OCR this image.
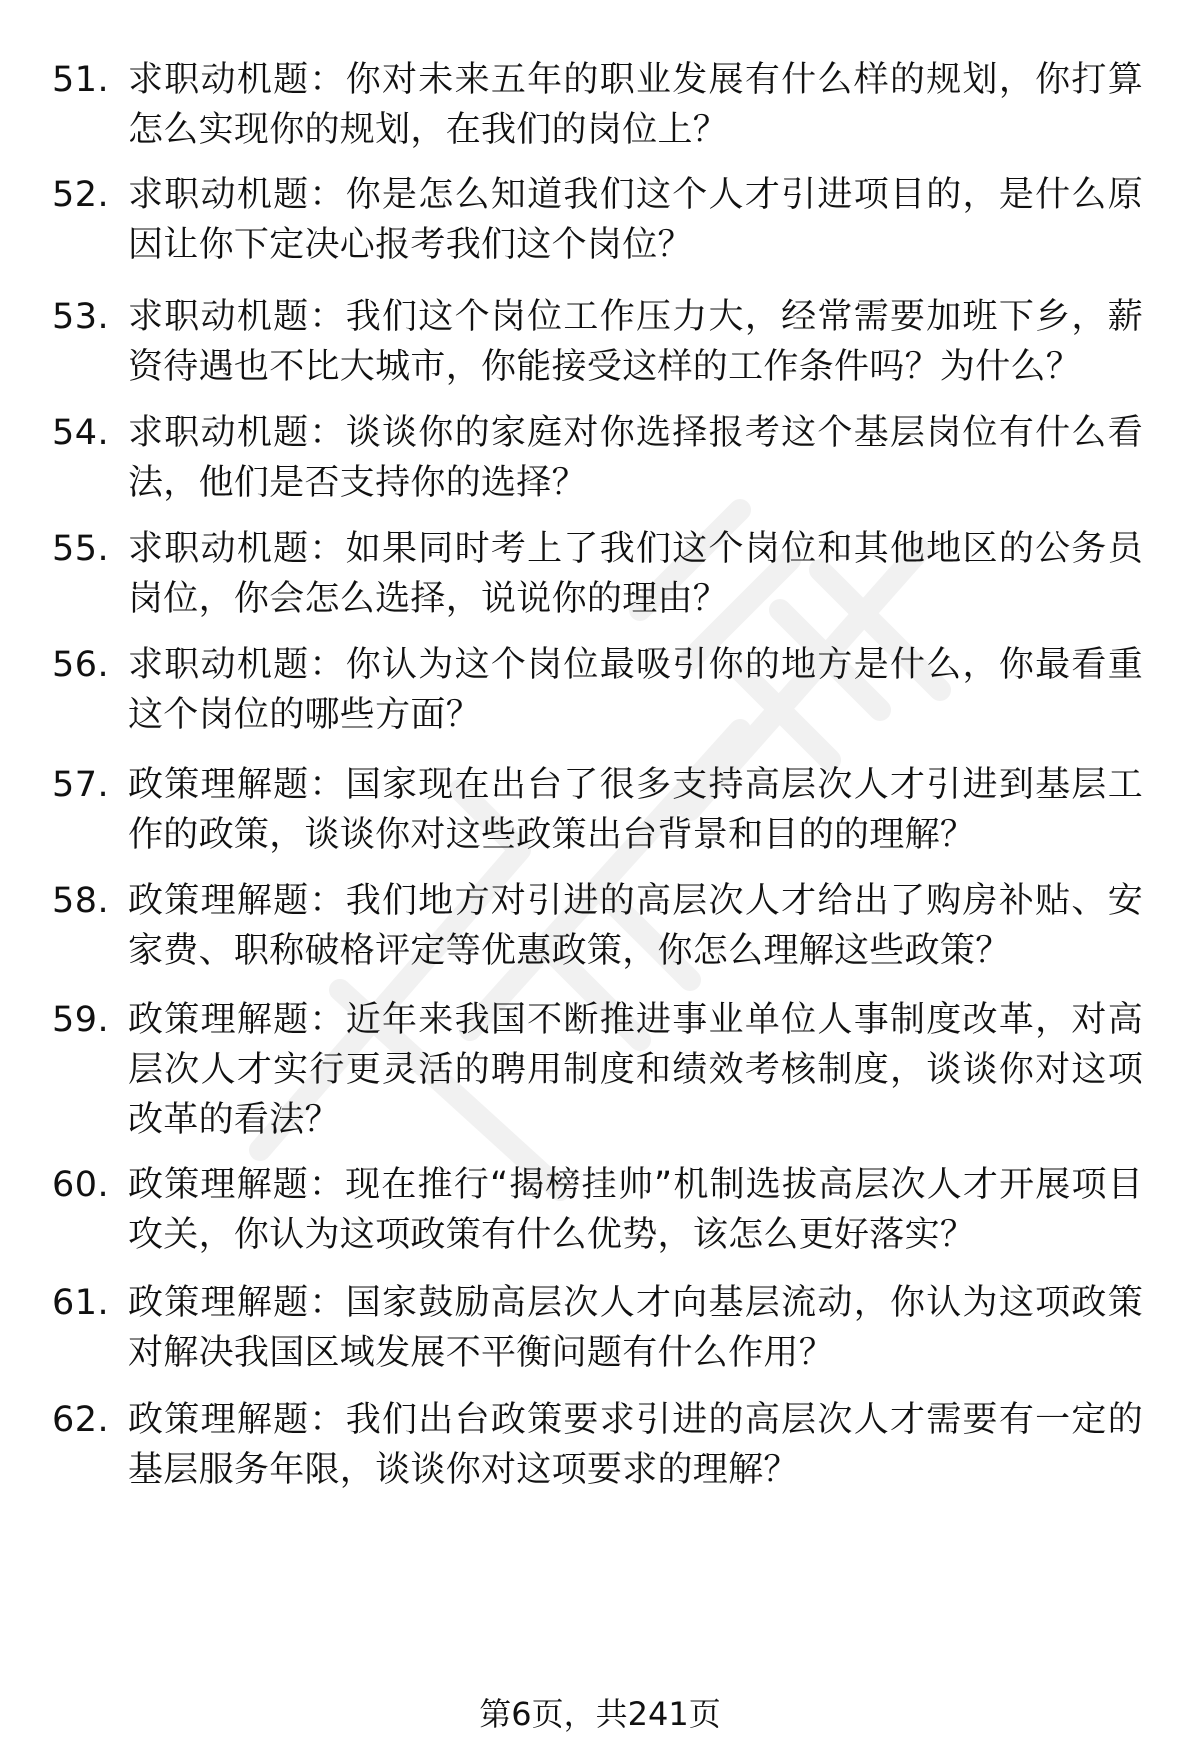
51. 求职动机题：你对未来五年的职业发展有什么样的规划，你打算怎么实现你的规划，在我们的岗位上？
52. 求职动机题：你是怎么知道我们这个人才引进项目的，是什么原因让你下定决心报考我们这个岗位？
53. 求职动机题：我们这个岗位工作压力大，经常需要加班下乡，薪资待遇也不比大城市，你能接受这样的工作条件吗？为什么？
54. 求职动机题：谈谈你的家庭对你选择报考这个基层岗位有什么看法，他们是否支持你的选择？
55. 求职动机题：如果同时考上了我们这个岗位和其他地区的公务员岗位，你会怎么选择，说说你的理由？
56. 求职动机题：你认为这个岗位最吸引你的地方是什么，你最看重这个岗位的哪些方面？
57. 政策理解题：国家现在出台了很多支持高层次人才引进到基层工作的政策，谈谈你对这些政策出台背景和目的的理解？
58. 政策理解题：我们地方对引进的高层次人才给出了购房补贴、安家费、职称破格评定等优惠政策，你怎么理解这些政策？
59. 政策理解题：近年来我国不断推进事业单位人事制度改革，对高层次人才实行更灵活的聘用制度和绩效考核制度，谈谈你对这项改革的看法？
60. 政策理解题：现在推行“揭榜挂帅”机制选拔高层次人才开展项目攻关，你认为这项政策有什么优势，该怎么更好落实？
61. 政策理解题：国家鼓励高层次人才向基层流动，你认为这项政策对解决我国区域发展不平衡问题有什么作用？
62. 政策理解题：我们出台政策要求引进的高层次人才需要有一定的基层服务年限，谈谈你对这项要求的理解？
第6页，共241页
